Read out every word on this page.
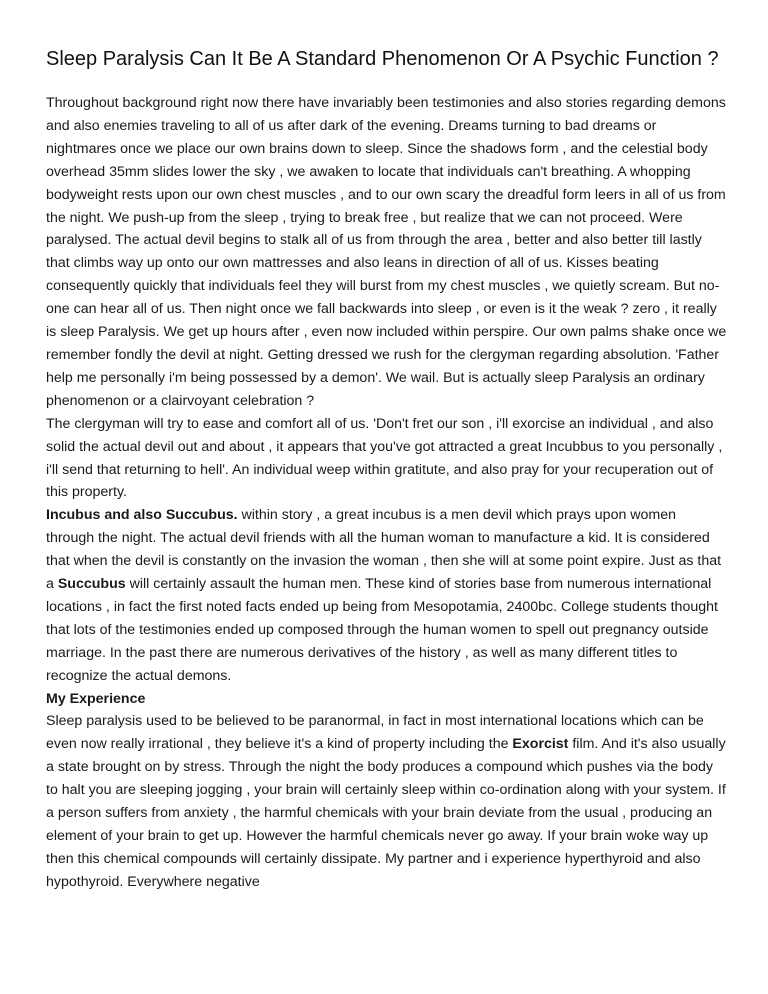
Sleep Paralysis Can It Be A Standard Phenomenon Or A Psychic Function ?

Throughout background right now there have invariably been testimonies and also stories regarding demons and also enemies traveling to all of us after dark of the evening. Dreams turning to bad dreams or nightmares once we place our own brains down to sleep. Since the shadows form , and the celestial body overhead 35mm slides lower the sky , we awaken to locate that individuals can't breathing. A whopping bodyweight rests upon our own chest muscles , and to our own scary the dreadful form leers in all of us from the night. We push-up from the sleep , trying to break free , but realize that we can not proceed. Were paralysed. The actual devil begins to stalk all of us from through the area , better and also better till lastly that climbs way up onto our own mattresses and also leans in direction of all of us. Kisses beating consequently quickly that individuals feel they will burst from my chest muscles , we quietly scream. But no-one can hear all of us. Then night once we fall backwards into sleep , or even is it the weak ? zero , it really is sleep Paralysis. We get up hours after , even now included within perspire. Our own palms shake once we remember fondly the devil at night. Getting dressed we rush for the clergyman regarding absolution. 'Father help me personally i'm being possessed by a demon'. We wail. But is actually sleep Paralysis an ordinary phenomenon or a clairvoyant celebration ?

The clergyman will try to ease and comfort all of us. 'Don't fret our son , i'll exorcise an individual , and also solid the actual devil out and about , it appears that you've got attracted a great Incubbus to you personally , i'll send that returning to hell'. An individual weep within gratitute, and also pray for your recuperation out of this property.

Incubus and also Succubus. within story , a great incubus is a men devil which prays upon women through the night. The actual devil friends with all the human woman to manufacture a kid. It is considered that when the devil is constantly on the invasion the woman , then she will at some point expire. Just as that a Succubus will certainly assault the human men. These kind of stories base from numerous international locations , in fact the first noted facts ended up being from Mesopotamia, 2400bc. College students thought that lots of the testimonies ended up composed through the human women to spell out pregnancy outside marriage. In the past there are numerous derivatives of the history , as well as many different titles to recognize the actual demons.

My Experience

Sleep paralysis used to be believed to be paranormal, in fact in most international locations which can be even now really irrational , they believe it's a kind of property including the Exorcist film. And it's also usually a state brought on by stress. Through the night the body produces a compound which pushes via the body to halt you are sleeping jogging , your brain will certainly sleep within co-ordination along with your system. If a person suffers from anxiety , the harmful chemicals with your brain deviate from the usual , producing an element of your brain to get up. However the harmful chemicals never go away. If your brain woke way up then this chemical compounds will certainly dissipate. My partner and i experience hyperthyroid and also hypothyroid. Everywhere negative
